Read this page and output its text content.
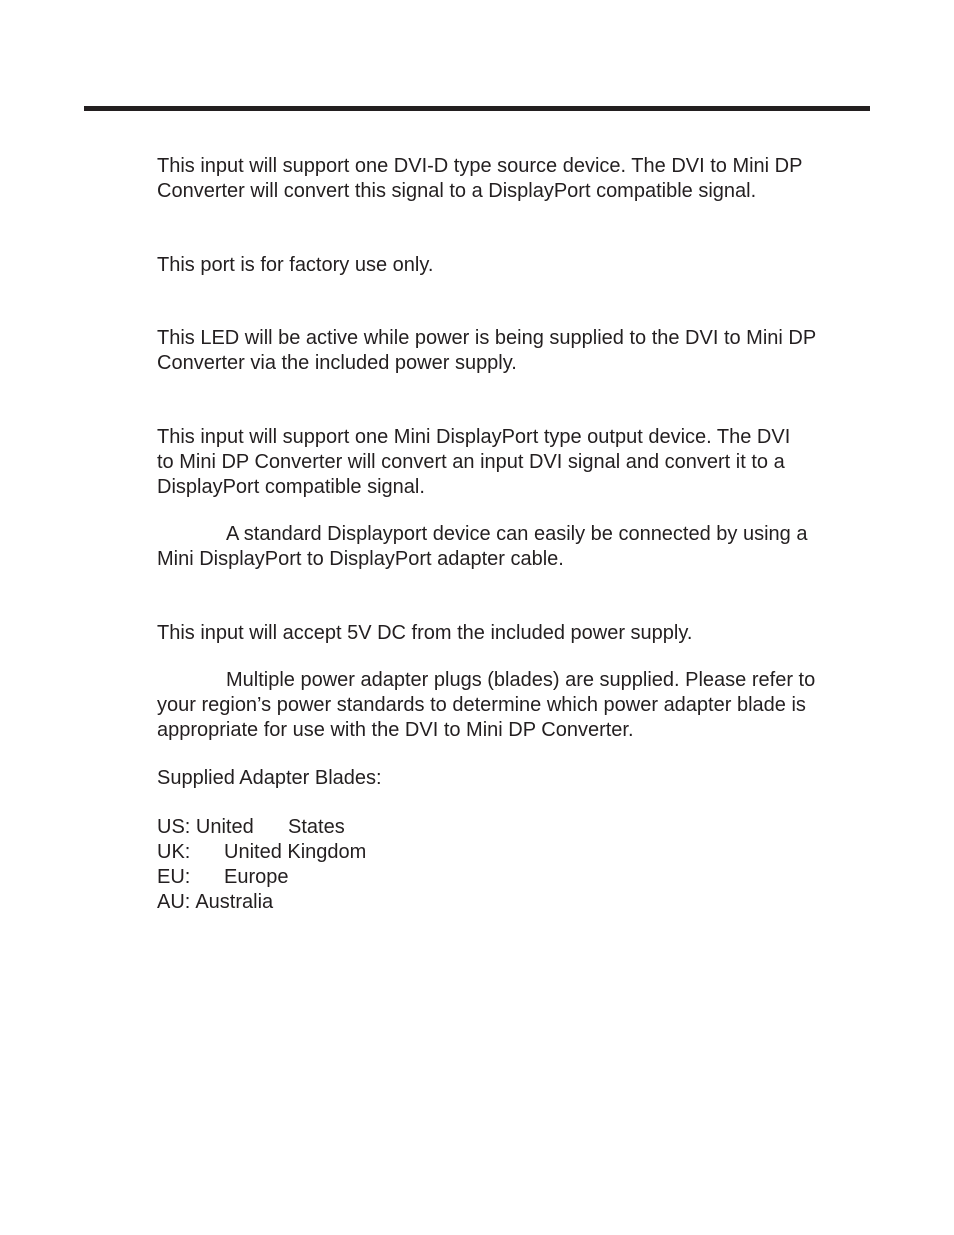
This input will support one DVI-D type source device. The DVI to Mini DP
Converter will convert this signal to a DisplayPort compatible signal.

This port is for factory use only.

This LED will be active while power is being supplied to the DVI to Mini DP
Converter via the included power supply.

This input will support one Mini DisplayPort type output device. The DVI
to Mini DP Converter will convert an input DVI signal and convert it to a
DisplayPort compatible signal.

A standard Displayport device can easily be connected by using a
Mini DisplayPort to DisplayPort adapter cable.

This input will accept 5V DC from the included power supply.

Multiple power adapter plugs (blades) are supplied. Please refer to
your region’s power standards to determine which power adapter blade is
appropriate for use with the DVI to Mini DP Converter.

Supplied Adapter Blades:

US: United States
UK: United Kingdom
EU: Europe
AU: Australia
